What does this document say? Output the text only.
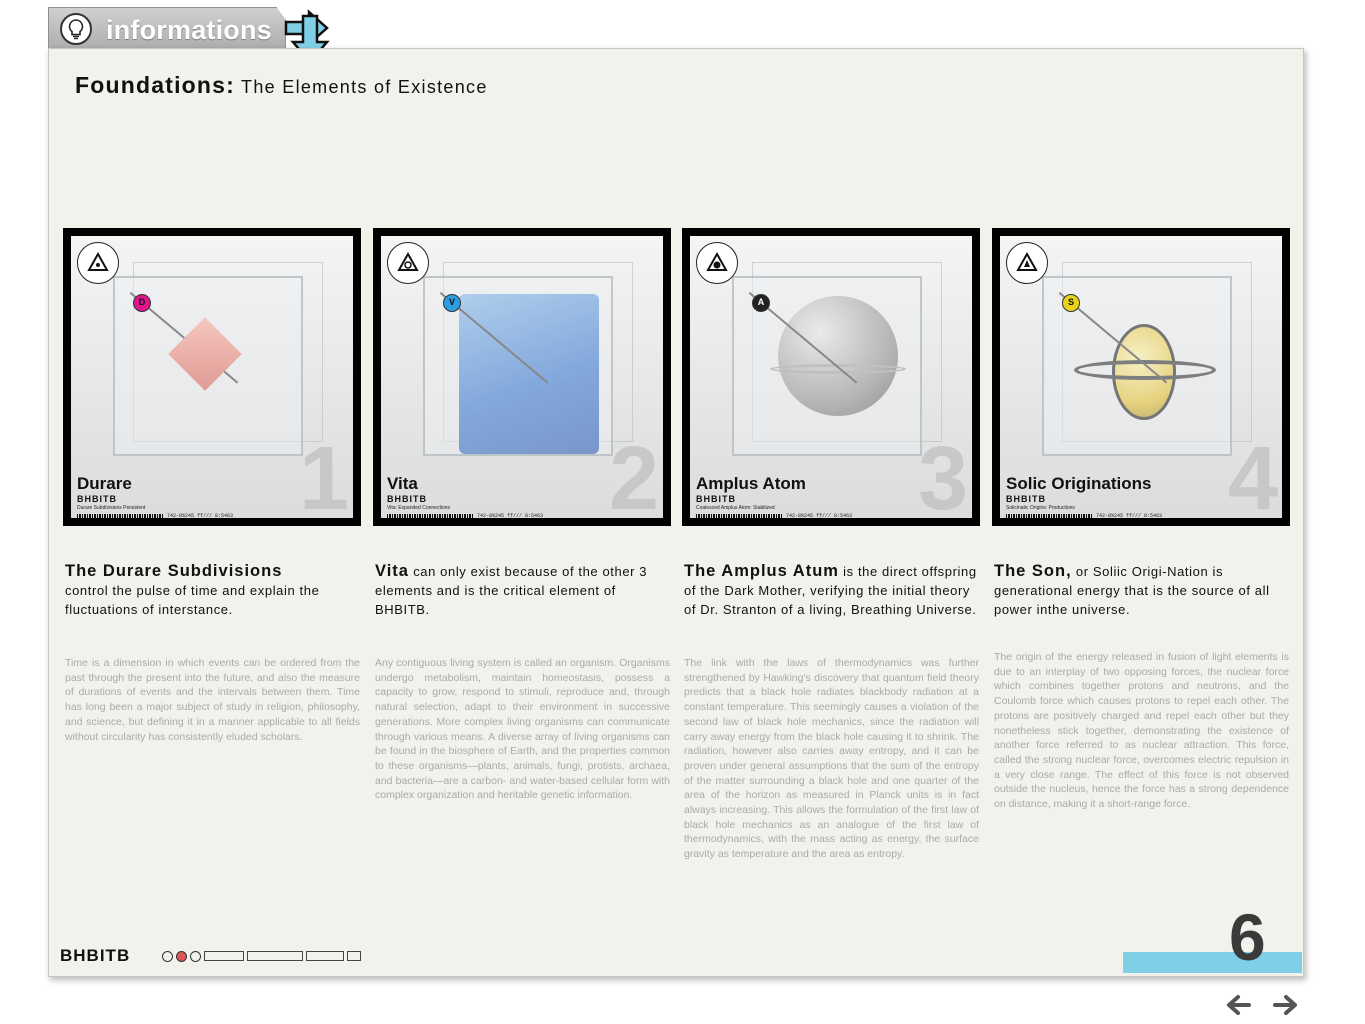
informations
Foundations: The Elements of Existence
D
1
Durare
BHBITB
Durare Subdivisions Persistent
742-8%245 ff/// 8:5463
V
2
Vita
BHBITB
Vita: Expanded Connections
742-8%245 ff/// 8:5463
A
3
Amplus Atom
BHBITB
Coalesced Amplus Atom: Stabilized
742-8%245 ff/// 8:5463
S
4
Solic Originations
BHBITB
Solicinatic Origins: Productions
742-8%245 ff/// 8:5463
The Durare Subdivisions
control the pulse of time and explain the fluctuations of interstance.
Time is a dimension in which events can be ordered from the past through the present into the future, and also the measure of durations of events and the intervals between them. Time has long been a major subject of study in religion, philosophy, and science, but defining it in a manner applicable to all fields without circularity has consistently eluded scholars.
Vita can only exist because of the other 3 elements and is the critical element of BHBITB.
Any contiguous living system is called an organism. Organisms undergo metabolism, maintain homeostasis, possess a capacity to grow, respond to stimuli, reproduce and, through natural selection, adapt to their environment in successive generations. More complex living organisms can communicate through various means. A diverse array of living organisms can be found in the biosphere of Earth, and the properties common to these organisms—plants, animals, fungi, protists, archaea, and bacteria—are a carbon- and water-based cellular form with complex organization and heritable genetic information.
The Amplus Atum is the direct offspring of the Dark Mother, verifying the initial theory of Dr. Stranton of a living, Breathing Universe.
The link with the laws of thermodynamics was further strengthened by Hawking's discovery that quantum field theory predicts that a black hole radiates blackbody radiation at a constant temperature. This seemingly causes a violation of the second law of black hole mechanics, since the radiation will carry away energy from the black hole causing it to shrink. The radiation, however also carries away entropy, and it can be proven under general assumptions that the sum of the entropy of the matter surrounding a black hole and one quarter of the area of the horizon as measured in Planck units is in fact always increasing. This allows the formulation of the first law of black hole mechanics as an analogue of the first law of thermodynamics, with the mass acting as energy, the surface gravity as temperature and the area as entropy.
The Son, or Soliic Origi-Nation is generational energy that is the source of all power inthe universe.
The origin of the energy released in fusion of light elements is due to an interplay of two opposing forces, the nuclear force which combines together protons and neutrons, and the Coulomb force which causes protons to repel each other. The protons are positively charged and repel each other but they nonetheless stick together, demonstrating the existence of another force referred to as nuclear attraction. This force, called the strong nuclear force, overcomes electric repulsion in a very close range. The effect of this force is not observed outside the nucleus, hence the force has a strong dependence on distance, making it a short-range force.
BHBITB	6
